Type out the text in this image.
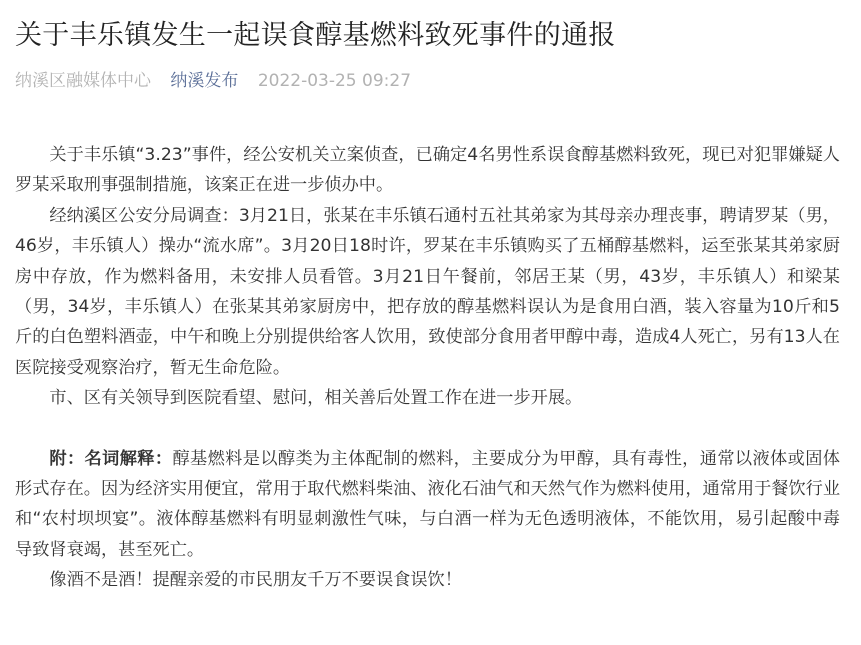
关于丰乐镇发生一起误食醇基燃料致死事件的通报
纳溪区融媒体中心 纳溪发布 2022-03-25 09:27

关于丰乐镇“3.23”事件，经公安机关立案侦查，已确定4名男性系误食醇基燃料致死，现已对犯罪嫌疑人罗某采取刑事强制措施，该案正在进一步侦办中。

经纳溪区公安分局调查：3月21日，张某在丰乐镇石通村五社其弟家为其母亲办理丧事，聘请罗某（男，46岁，丰乐镇人）操办“流水席”。3月20日18时许，罗某在丰乐镇购买了五桶醇基燃料，运至张某其弟家厨房中存放，作为燃料备用，未安排人员看管。3月21日午餐前，邻居王某（男，43岁，丰乐镇人）和梁某（男，34岁，丰乐镇人）在张某其弟家厨房中，把存放的醇基燃料误认为是食用白酒，装入容量为10斤和5斤的白色塑料酒壶，中午和晚上分别提供给客人饮用，致使部分食用者甲醇中毒，造成4人死亡，另有13人在医院接受观察治疗，暂无生命危险。

市、区有关领导到医院看望、慰问，相关善后处置工作在进一步开展。

附：名词解释：醇基燃料是以醇类为主体配制的燃料，主要成分为甲醇，具有毒性，通常以液体或固体形式存在。因为经济实用便宜，常用于取代燃料柴油、液化石油气和天然气作为燃料使用，通常用于餐饮行业和“农村坝坝宴”。液体醇基燃料有明显刺激性气味，与白酒一样为无色透明液体，不能饮用，易引起酸中毒导致肾衰竭，甚至死亡。

像酒不是酒！提醒亲爱的市民朋友千万不要误食误饮！
